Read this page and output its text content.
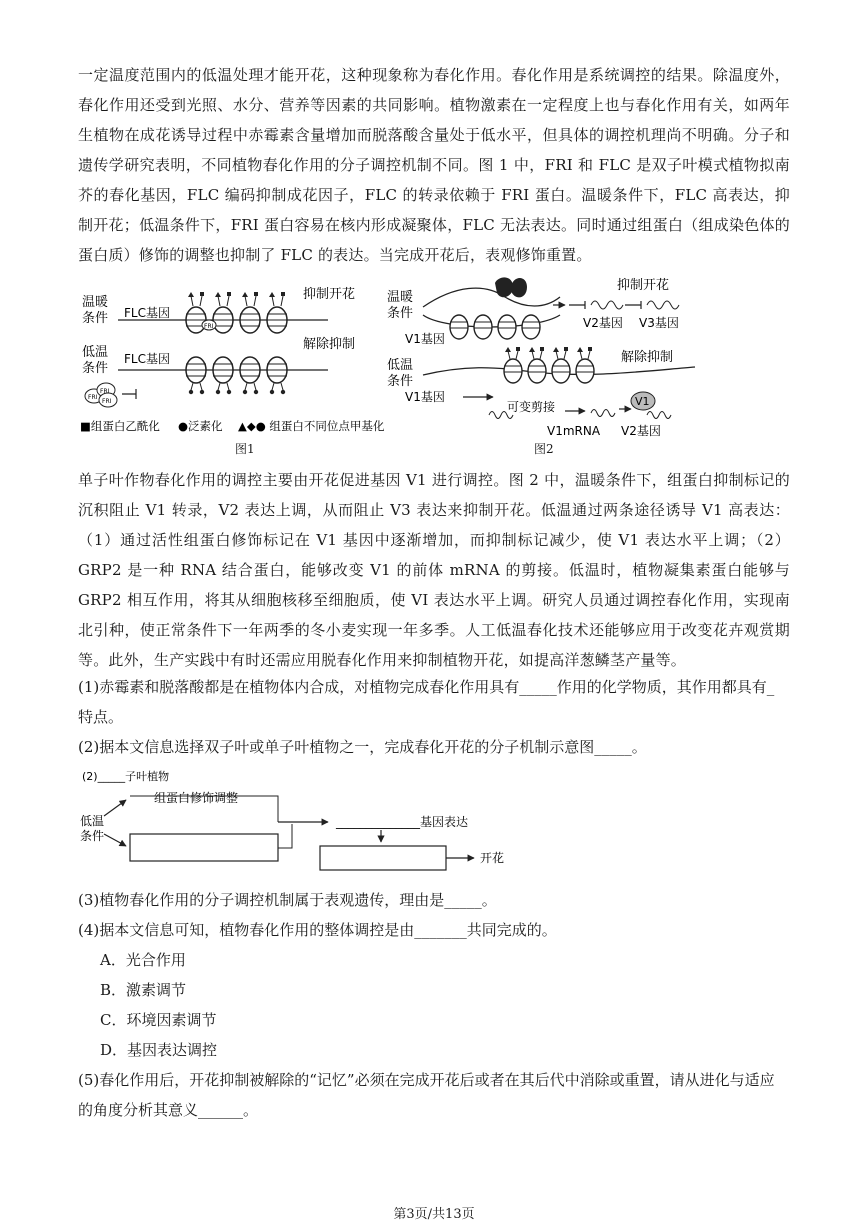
一定温度范围内的低温处理才能开花，这种现象称为春化作用。春化作用是系统调控的结果。除温度外，春化作用还受到光照、水分、营养等因素的共同影响。植物激素在一定程度上也与春化作用有关，如两年生植物在成花诱导过程中赤霉素含量增加而脱落酸含量处于低水平，但具体的调控机理尚不明确。分子和遗传学研究表明，不同植物春化作用的分子调控机制不同。图 1 中，FRI 和 FLC 是双子叶模式植物拟南芥的春化基因，FLC 编码抑制成花因子，FLC 的转录依赖于 FRI 蛋白。温暖条件下，FLC 高表达，抑制开花；低温条件下，FRI 蛋白容易在核内形成凝聚体，FLC 无法表达。同时通过组蛋白（组成染色体的蛋白质）修饰的调整也抑制了 FLC 的表达。当完成开花后，表观修饰重置。
温暖
条件 FLC基因
FRI
抑制开花
低温
条件
FLC基因
解除抑制
FRI
FRI
FRI
■组蛋白乙酰化 ●泛素化 ▲◆● 组蛋白不同位点甲基化
图1
温暖
条件
抑制开花
V2基因 V3基因
V1基因
低温
条件
解除抑制
V1基因
可变剪接	V1
V1mRNA V2基因
图2
单子叶作物春化作用的调控主要由开花促进基因 V1 进行调控。图 2 中，温暖条件下，组蛋白抑制标记的沉积阻止 V1 转录，V2 表达上调，从而阻止 V3 表达来抑制开花。低温通过两条途径诱导 V1 高表达：（1）通过活性组蛋白修饰标记在 V1 基因中逐渐增加，而抑制标记减少，使 V1 表达水平上调；（2）GRP2 是一种 RNA 结合蛋白，能够改变 V1 的前体 mRNA 的剪接。低温时，植物凝集素蛋白能够与 GRP2 相互作用，将其从细胞核移至细胞质，使 VI 表达水平上调。研究人员通过调控春化作用，实现南北引种，使正常条件下一年两季的冬小麦实现一年多季。人工低温春化技术还能够应用于改变花卉观赏期等。此外，生产实践中有时还需应用脱春化作用来抑制植物开花，如提高洋葱鳞茎产量等。
(1)赤霉素和脱落酸都是在植物体内合成，对植物完成春化作用具有_____作用的化学物质，其作用都具有_
特点。
(2)据本文信息选择双子叶或单子叶植物之一，完成春化开花的分子机制示意图_____。
(2)_____子叶植物
低温
条件
组蛋白修饰调整
______________基因表达
开花
(3)植物春化作用的分子调控机制属于表观遗传，理由是_____。
(4)据本文信息可知，植物春化作用的整体调控是由_______共同完成的。
A．光合作用
B．激素调节
C．环境因素调节
D．基因表达调控
(5)春化作用后，开花抑制被解除的“记忆”必须在完成开花后或者在其后代中消除或重置，请从进化与适应
的角度分析其意义______。
第3页/共13页
